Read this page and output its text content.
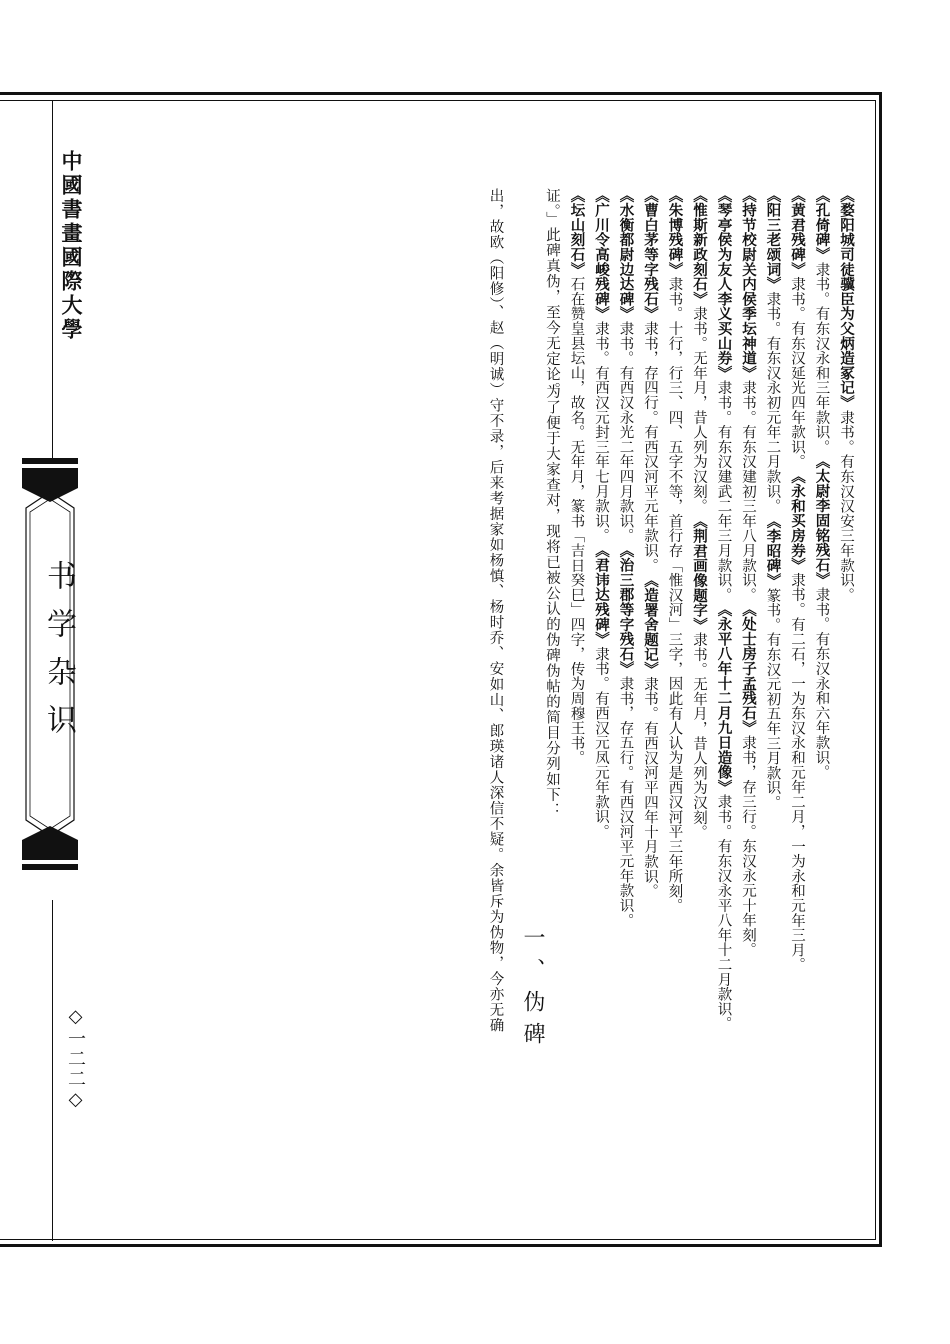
中國書畫國際大學
书学杂识
◇一二二◇
出，故欧（阳修）、赵（明诚）守不录，后来考据家如杨慎、杨时乔、安如山、郎瑛诸人深信不疑。余皆斥为伪物，今亦无确	证。」此碑真伪，至今无定论。
为了便于大家查对，现将已被公认的伪碑伪帖的简目分列如下：
一、伪碑
《坛山刻石》石在赞皇县坛山，故名。无年月，篆书「吉日癸巳」四字，传为周穆王书。
《广川令高峻残碑》隶书。有西汉元封三年七月款识。
《君讳达残碑》隶书。有西汉元凤元年款识。
《水衡都尉边达碑》隶书。有西汉永光二年四月款识。
《治三郡等字残石》隶书，存五行。有西汉河平元年款识。
《曹白茅等字残石》隶书，存四行。有西汉河平元年款识。
《造署舍题记》隶书。有西汉河平四年十月款识。
《朱博残碑》隶书。十行，行三、四、五字不等，首行存「惟汉河」三字，因此有人认为是西汉河平三年所刻。
《惟斯新政刻石》隶书。无年月，昔人列为汉刻。
《荆君画像题字》隶书。无年月，昔人列为汉刻。
《琴亭侯为友人李义买山券》隶书。有东汉建武二年三月款识。
《永平八年十二月九日造像》隶书。有东汉永平八年十二月款识。
《持节校尉关内侯季坛神道》隶书。有东汉建初三年八月款识。
《处士房子孟残石》隶书，存三行。东汉永元十年刻。
《阳三老颂词》隶书。有东汉永初元年二月款识。
《李昭碑》篆书。有东汉元初五年三月款识。
《黄君残碑》隶书。有东汉延光四年款识。
《永和买房券》隶书。有二石，一为东汉永和元年二月，一为永和元年三月。
《孔倚碑》隶书。有东汉永和三年款识。
《太尉李固铭残石》隶书。有东汉永和六年款识。
《婺阳城司徒骥臣为父炳造冢记》隶书。有东汉汉安三年款识。
